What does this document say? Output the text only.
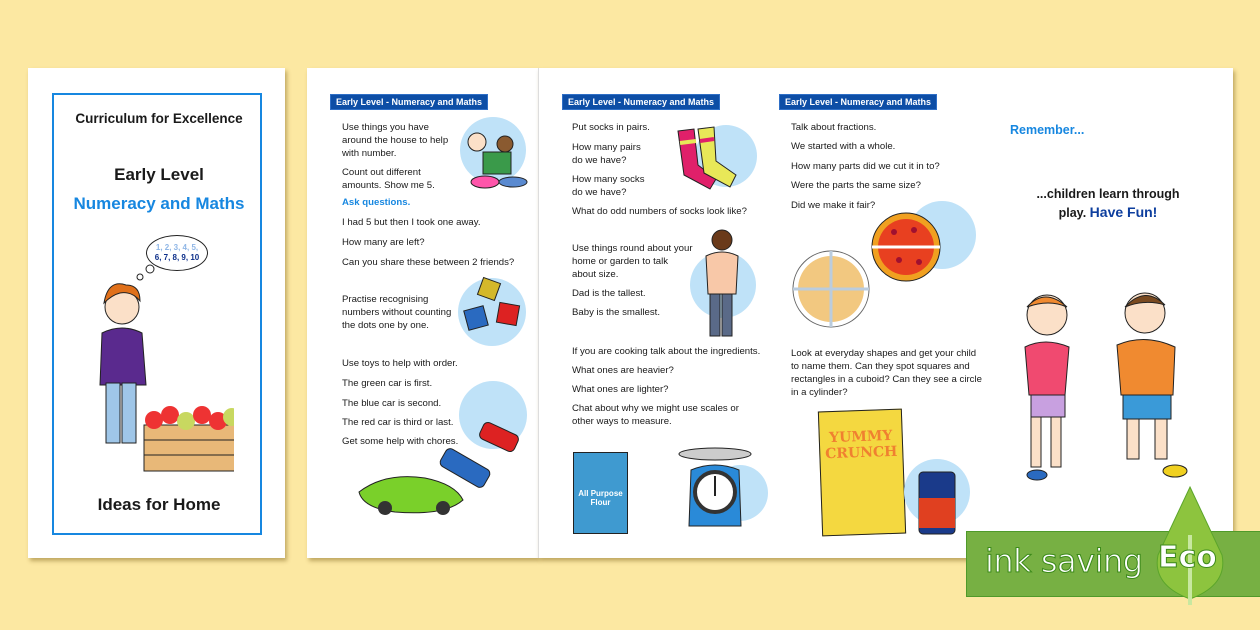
Curriculum for Excellence
Early Level
Numeracy and Maths
1, 2, 3, 4, 5,
6, 7, 8, 9, 10
Ideas for Home
Early Level - Numeracy and Maths
Use things you have
around the house to help
with number.
Count out different
amounts. Show me 5.
Ask questions.
I had 5 but then I took one away.
How many are left?
Can you share these between 2 friends?
Practise recognising
numbers without counting
the dots one by one.
Use toys to help with order.
The green car is first.
The blue car is second.
The red car is third or last.
Get some help with chores.
Early Level - Numeracy and Maths
Put socks in pairs.
How many pairs
do we have?
How many socks
do we have?
What do odd numbers of socks look like?
Use things round about your
home or garden to talk
about size.
Dad is the tallest.
Baby is the smallest.
If you are cooking talk about the ingredients.
What ones are heavier?
What ones are lighter?
Chat about why we might use scales or
other ways to measure.
All Purpose
Flour
Early Level - Numeracy and Maths
Talk about fractions.
We started with a whole.
How many parts did we cut it in to?
Were the parts the same size?
Did we make it fair?
Look at everyday shapes and get your child
to name them. Can they spot squares and
rectangles in a cuboid? Can they see a circle
in a cylinder?
YUMMY
CRUNCH
Remember...
...children learn through
play. Have Fun!
ink saving Eco
